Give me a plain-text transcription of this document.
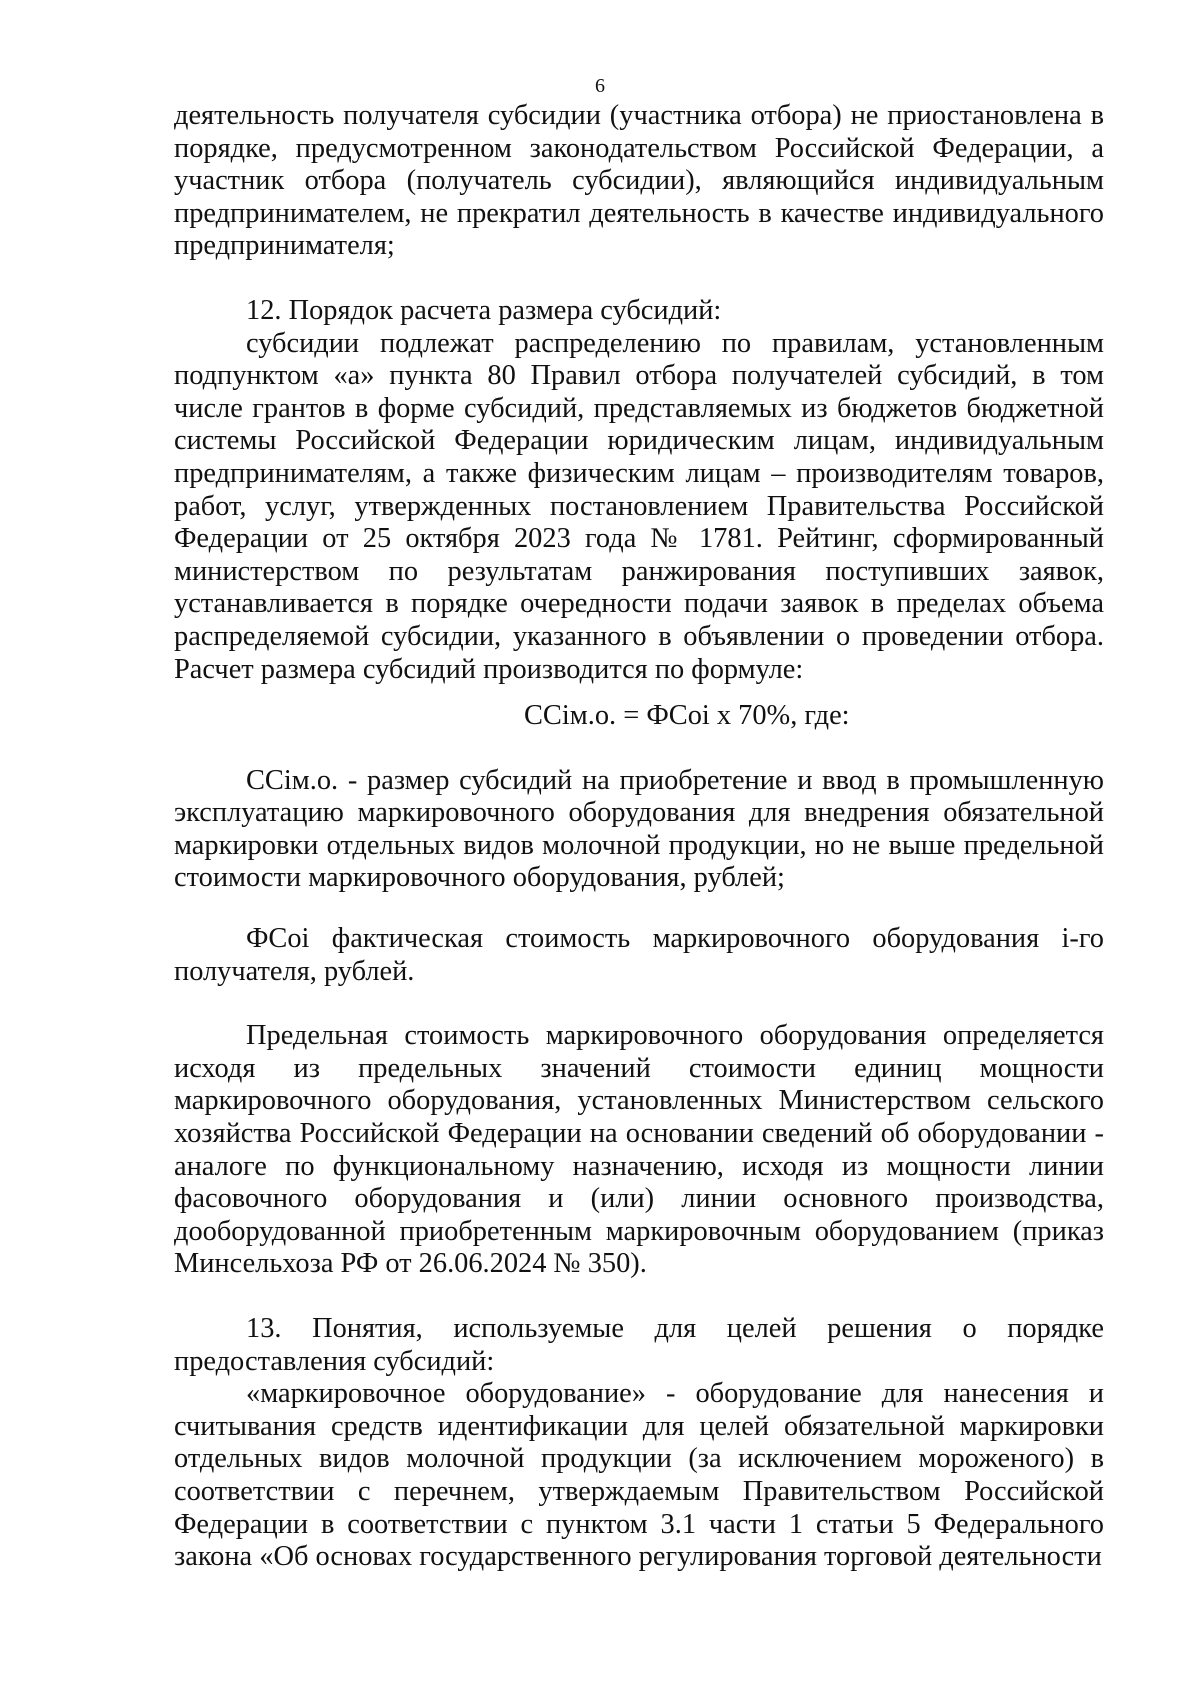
6

деятельность получателя субсидии (участника отбора) не приостановлена в порядке, предусмотренном законодательством Российской Федерации, а участник отбора (получатель субсидии), являющийся индивидуальным предпринимателем, не прекратил деятельность в качестве индивидуального предпринимателя;

12. Порядок расчета размера субсидий:

субсидии подлежат распределению по правилам, установленным подпунктом «а» пункта 80 Правил отбора получателей субсидий, в том числе грантов в форме субсидий, представляемых из бюджетов бюджетной системы Российской Федерации юридическим лицам, индивидуальным предпринимателям, а также физическим лицам – производителям товаров, работ, услуг, утвержденных постановлением Правительства Российской Федерации от 25 октября 2023 года № 1781. Рейтинг, сформированный министерством по результатам ранжирования поступивших заявок, устанавливается в порядке очередности подачи заявок в пределах объема распределяемой субсидии, указанного в объявлении о проведении отбора. Расчет размера субсидий производится по формуле:

CCiм.о. = ФСoi х 70%, где:

CCiм.о. - размер субсидий на приобретение и ввод в промышленную эксплуатацию маркировочного оборудования для внедрения обязательной маркировки отдельных видов молочной продукции, но не выше предельной стоимости маркировочного оборудования, рублей;

ФСoi фактическая стоимость маркировочного оборудования i-го получателя, рублей.

Предельная стоимость маркировочного оборудования определяется исходя из предельных значений стоимости единиц мощности маркировочного оборудования, установленных Министерством сельского хозяйства Российской Федерации на основании сведений об оборудовании - аналоге по функциональному назначению, исходя из мощности линии фасовочного оборудования и (или) линии основного производства, дооборудованной приобретенным маркировочным оборудованием (приказ Минсельхоза РФ от 26.06.2024 № 350).

13. Понятия, используемые для целей решения о порядке предоставления субсидий:

«маркировочное оборудование» - оборудование для нанесения и считывания средств идентификации для целей обязательной маркировки отдельных видов молочной продукции (за исключением мороженого) в соответствии с перечнем, утверждаемым Правительством Российской Федерации в соответствии с пунктом 3.1 части 1 статьи 5 Федерального закона «Об основах государственного регулирования торговой деятельности
